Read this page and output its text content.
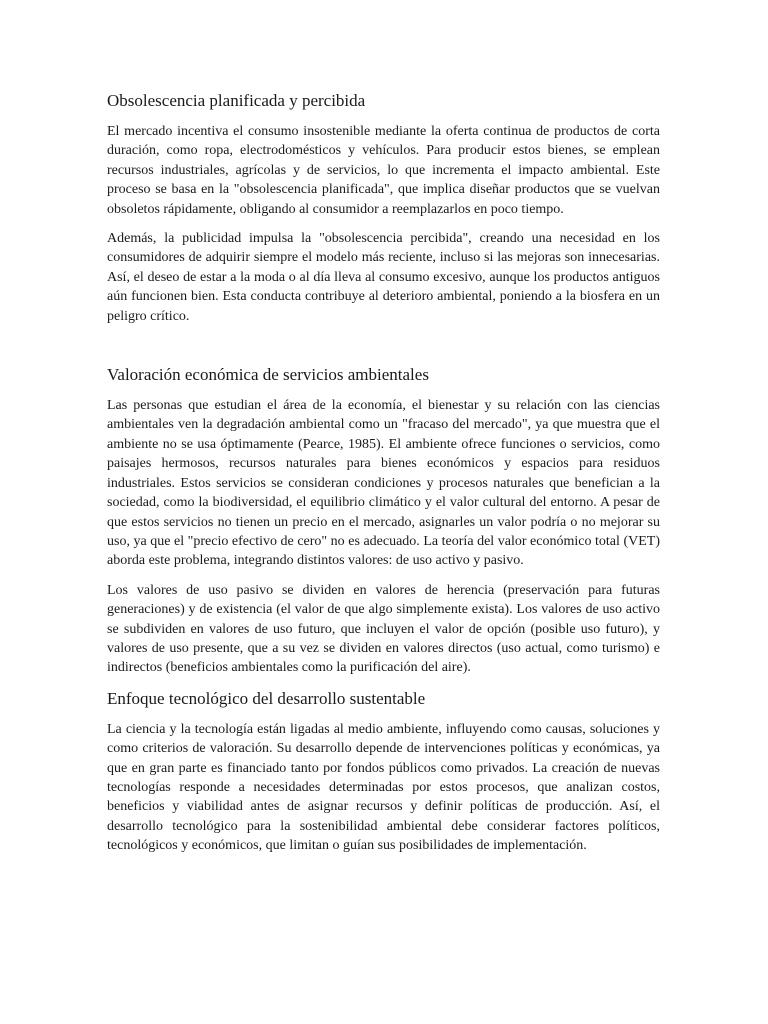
Obsolescencia planificada y percibida

El mercado incentiva el consumo insostenible mediante la oferta continua de productos de corta duración, como ropa, electrodomésticos y vehículos. Para producir estos bienes, se emplean recursos industriales, agrícolas y de servicios, lo que incrementa el impacto ambiental. Este proceso se basa en la "obsolescencia planificada", que implica diseñar productos que se vuelvan obsoletos rápidamente, obligando al consumidor a reemplazarlos en poco tiempo.

Además, la publicidad impulsa la "obsolescencia percibida", creando una necesidad en los consumidores de adquirir siempre el modelo más reciente, incluso si las mejoras son innecesarias. Así, el deseo de estar a la moda o al día lleva al consumo excesivo, aunque los productos antiguos aún funcionen bien. Esta conducta contribuye al deterioro ambiental, poniendo a la biosfera en un peligro crítico.

Valoración económica de servicios ambientales

Las personas que estudian el área de la economía, el bienestar y su relación con las ciencias ambientales ven la degradación ambiental como un "fracaso del mercado", ya que muestra que el ambiente no se usa óptimamente (Pearce, 1985). El ambiente ofrece funciones o servicios, como paisajes hermosos, recursos naturales para bienes económicos y espacios para residuos industriales. Estos servicios se consideran condiciones y procesos naturales que benefician a la sociedad, como la biodiversidad, el equilibrio climático y el valor cultural del entorno. A pesar de que estos servicios no tienen un precio en el mercado, asignarles un valor podría o no mejorar su uso, ya que el "precio efectivo de cero" no es adecuado. La teoría del valor económico total (VET) aborda este problema, integrando distintos valores: de uso activo y pasivo.

Los valores de uso pasivo se dividen en valores de herencia (preservación para futuras generaciones) y de existencia (el valor de que algo simplemente exista). Los valores de uso activo se subdividen en valores de uso futuro, que incluyen el valor de opción (posible uso futuro), y valores de uso presente, que a su vez se dividen en valores directos (uso actual, como turismo) e indirectos (beneficios ambientales como la purificación del aire).

Enfoque tecnológico del desarrollo sustentable

La ciencia y la tecnología están ligadas al medio ambiente, influyendo como causas, soluciones y como criterios de valoración. Su desarrollo depende de intervenciones políticas y económicas, ya que en gran parte es financiado tanto por fondos públicos como privados. La creación de nuevas tecnologías responde a necesidades determinadas por estos procesos, que analizan costos, beneficios y viabilidad antes de asignar recursos y definir políticas de producción. Así, el desarrollo tecnológico para la sostenibilidad ambiental debe considerar factores políticos, tecnológicos y económicos, que limitan o guían sus posibilidades de implementación.
